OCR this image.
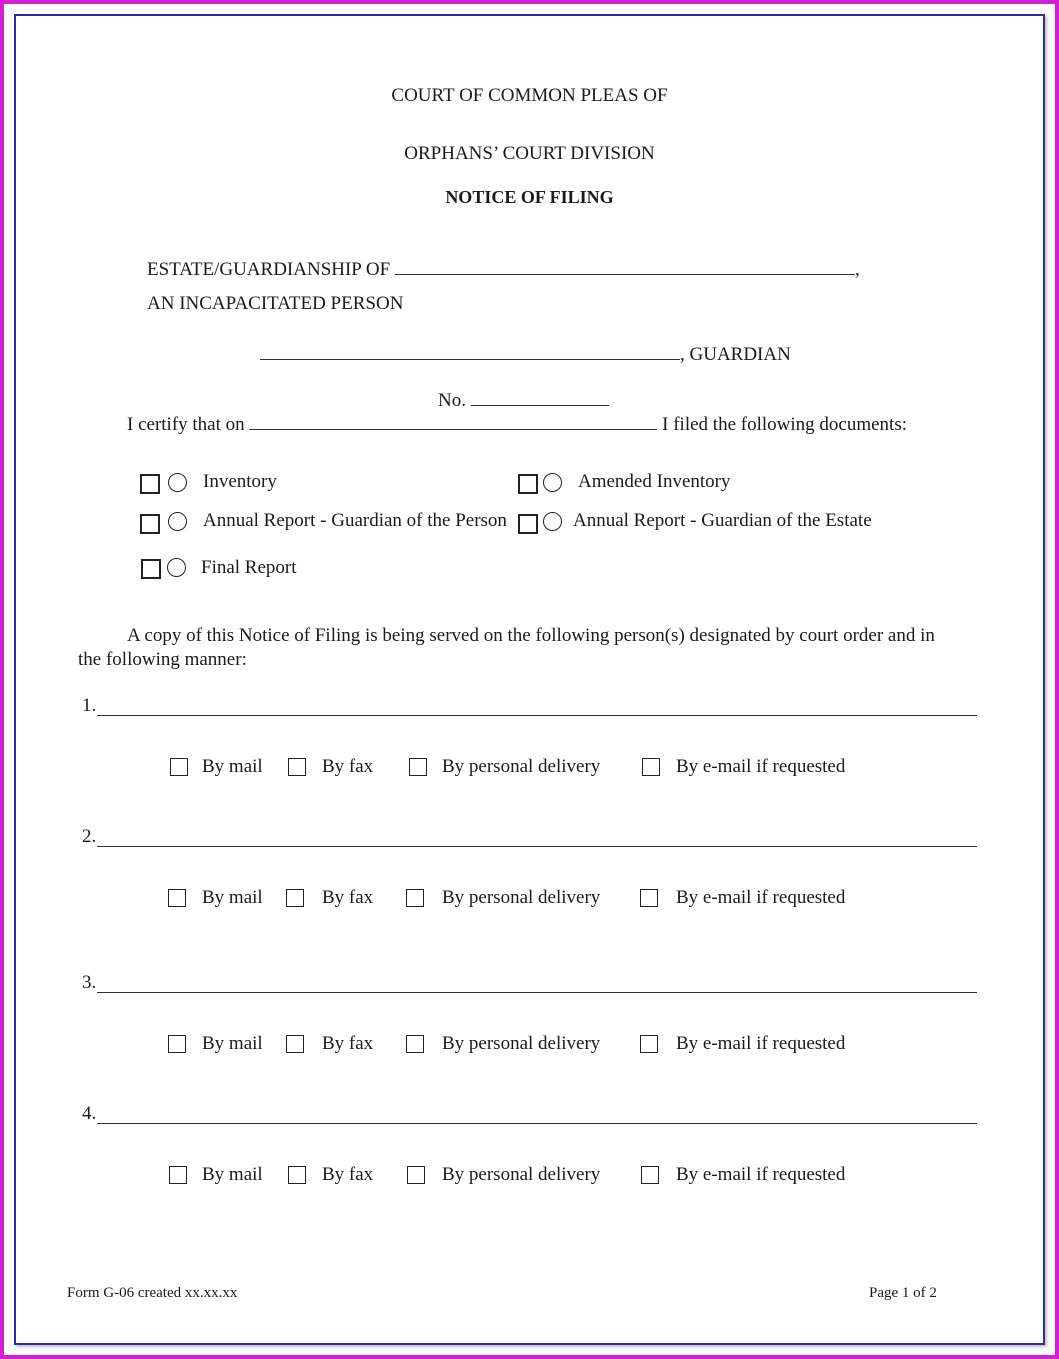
COURT OF COMMON PLEAS OF
ORPHANS’ COURT DIVISION
NOTICE OF FILING
ESTATE/GUARDIANSHIP OF	,
AN INCAPACITATED PERSON
, GUARDIAN
No.
I certify that on	I filed the following documents:
Inventory	Amended Inventory
Annual Report - Guardian of the Person	Annual Report - Guardian of the Estate
Final Report
A copy of this Notice of Filing is being served on the following person(s) designated by court order and in
the following manner:
1.
By mail	By fax	By personal delivery	By e-mail if requested
2.
By mail	By fax	By personal delivery	By e-mail if requested
3.
By mail	By fax	By personal delivery	By e-mail if requested
4.
By mail	By fax	By personal delivery	By e-mail if requested
Form G-06 created xx.xx.xx	Page 1 of 2
